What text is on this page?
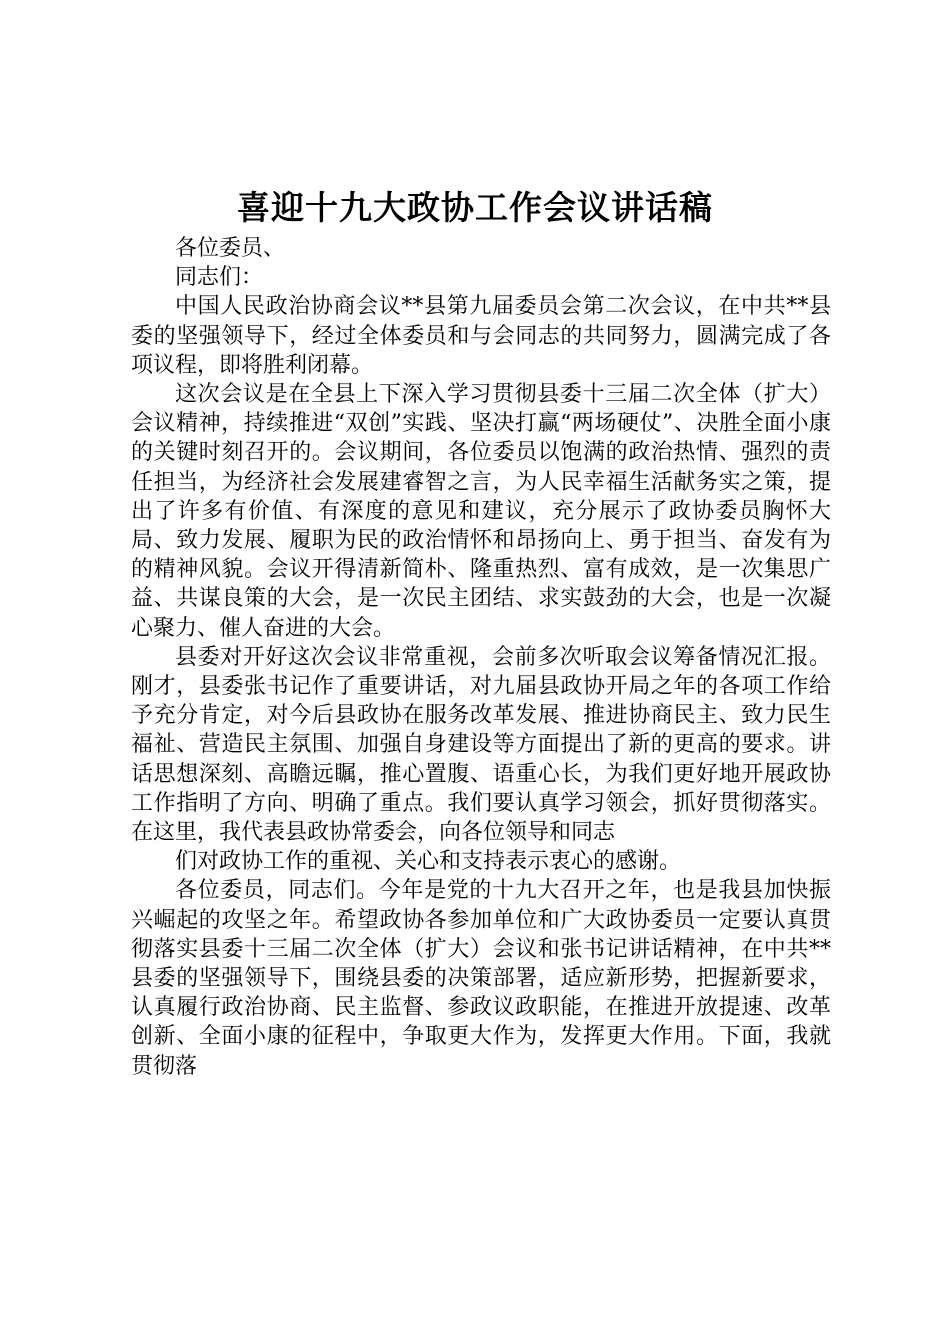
喜迎十九大政协工作会议讲话稿

各位委员、

同志们：

中国人民政治协商会议**县第九届委员会第二次会议，在中共**县委的坚强领导下，经过全体委员和与会同志的共同努力，圆满完成了各项议程，即将胜利闭幕。

这次会议是在全县上下深入学习贯彻县委十三届二次全体（扩大）会议精神，持续推进“双创”实践、坚决打赢“两场硬仗”、决胜全面小康的关键时刻召开的。会议期间，各位委员以饱满的政治热情、强烈的责任担当，为经济社会发展建睿智之言，为人民幸福生活献务实之策，提出了许多有价值、有深度的意见和建议，充分展示了政协委员胸怀大局、致力发展、履职为民的政治情怀和昂扬向上、勇于担当、奋发有为的精神风貌。会议开得清新简朴、隆重热烈、富有成效，是一次集思广益、共谋良策的大会，是一次民主团结、求实鼓劲的大会，也是一次凝心聚力、催人奋进的大会。

县委对开好这次会议非常重视，会前多次听取会议筹备情况汇报。刚才，县委张书记作了重要讲话，对九届县政协开局之年的各项工作给予充分肯定，对今后县政协在服务改革发展、推进协商民主、致力民生福祉、营造民主氛围、加强自身建设等方面提出了新的更高的要求。讲话思想深刻、高瞻远瞩，推心置腹、语重心长，为我们更好地开展政协工作指明了方向、明确了重点。我们要认真学习领会，抓好贯彻落实。在这里，我代表县政协常委会，向各位领导和同志

们对政协工作的重视、关心和支持表示衷心的感谢。

各位委员，同志们。今年是党的十九大召开之年，也是我县加快振兴崛起的攻坚之年。希望政协各参加单位和广大政协委员一定要认真贯彻落实县委十三届二次全体（扩大）会议和张书记讲话精神，在中共**县委的坚强领导下，围绕县委的决策部署，适应新形势，把握新要求，认真履行政治协商、民主监督、参政议政职能，在推进开放提速、改革创新、全面小康的征程中，争取更大作为，发挥更大作用。下面，我就贯彻落
